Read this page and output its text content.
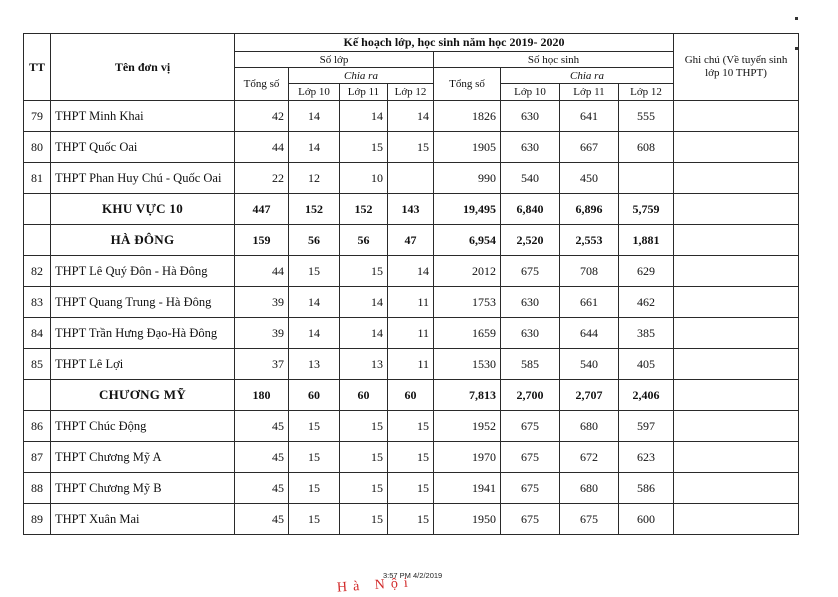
TT	Tên đơn vị	Kế hoạch lớp, học sinh năm học 2019- 2020								Ghi chú (Về tuyển sinh lớp 10 THPT)
		Số lớp				Số học sinh				
		Tổng số	Chia ra			Tổng số	Chia ra			
			Lớp 10	Lớp 11	Lớp 12		Lớp 10	Lớp 11	Lớp 12	
79	THPT Minh Khai	42	14	14	14	1826	630	641	555	
80	THPT Quốc Oai	44	14	15	15	1905	630	667	608	
81	THPT Phan Huy Chú - Quốc Oai	22	12	10		990	540	450		
	KHU VỰC 10	447	152	152	143	19,495	6,840	6,896	5,759	
	HÀ ĐÔNG	159	56	56	47	6,954	2,520	2,553	1,881	
82	THPT Lê Quý Đôn - Hà Đông	44	15	15	14	2012	675	708	629	
83	THPT Quang Trung - Hà Đông	39	14	14	11	1753	630	661	462	
84	THPT Trần Hưng Đạo-Hà Đông	39	14	14	11	1659	630	644	385	
85	THPT Lê Lợi	37	13	13	11	1530	585	540	405	
	CHƯƠNG MỸ	180	60	60	60	7,813	2,700	2,707	2,406	
86	THPT Chúc Động	45	15	15	15	1952	675	680	597	
87	THPT Chương Mỹ A	45	15	15	15	1970	675	672	623	
88	THPT Chương Mỹ B	45	15	15	15	1941	675	680	586	
89	THPT Xuân Mai	45	15	15	15	1950	675	675	600	
3:57 PM 4/2/2019
Hà Nội
